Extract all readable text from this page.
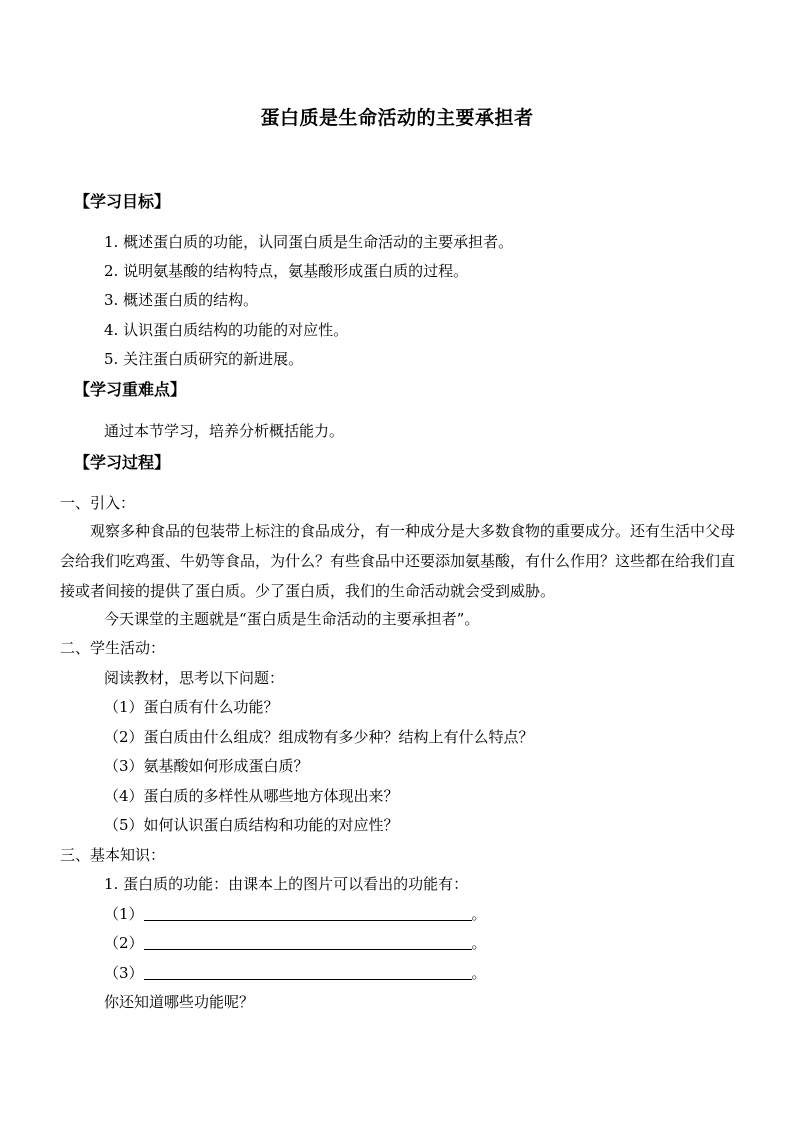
蛋白质是生命活动的主要承担者
【学习目标】
1. 概述蛋白质的功能，认同蛋白质是生命活动的主要承担者。
2. 说明氨基酸的结构特点，氨基酸形成蛋白质的过程。
3. 概述蛋白质的结构。
4. 认识蛋白质结构的功能的对应性。
5. 关注蛋白质研究的新进展。
【学习重难点】
通过本节学习，培养分析概括能力。
【学习过程】
一、引入：
观察多种食品的包装带上标注的食品成分，有一种成分是大多数食物的重要成分。还有生活中父母会给我们吃鸡蛋、牛奶等食品，为什么？有些食品中还要添加氨基酸，有什么作用？这些都在给我们直接或者间接的提供了蛋白质。少了蛋白质，我们的生命活动就会受到威胁。
今天课堂的主题就是“蛋白质是生命活动的主要承担者”。
二、学生活动：
阅读教材，思考以下问题：
（1）蛋白质有什么功能？
（2）蛋白质由什么组成？组成物有多少种？结构上有什么特点？
（3）氨基酸如何形成蛋白质？
（4）蛋白质的多样性从哪些地方体现出来？
（5）如何认识蛋白质结构和功能的对应性？
三、基本知识：
1. 蛋白质的功能：由课本上的图片可以看出的功能有：
（1）	。
（2）	。
（3）	。
你还知道哪些功能呢？
